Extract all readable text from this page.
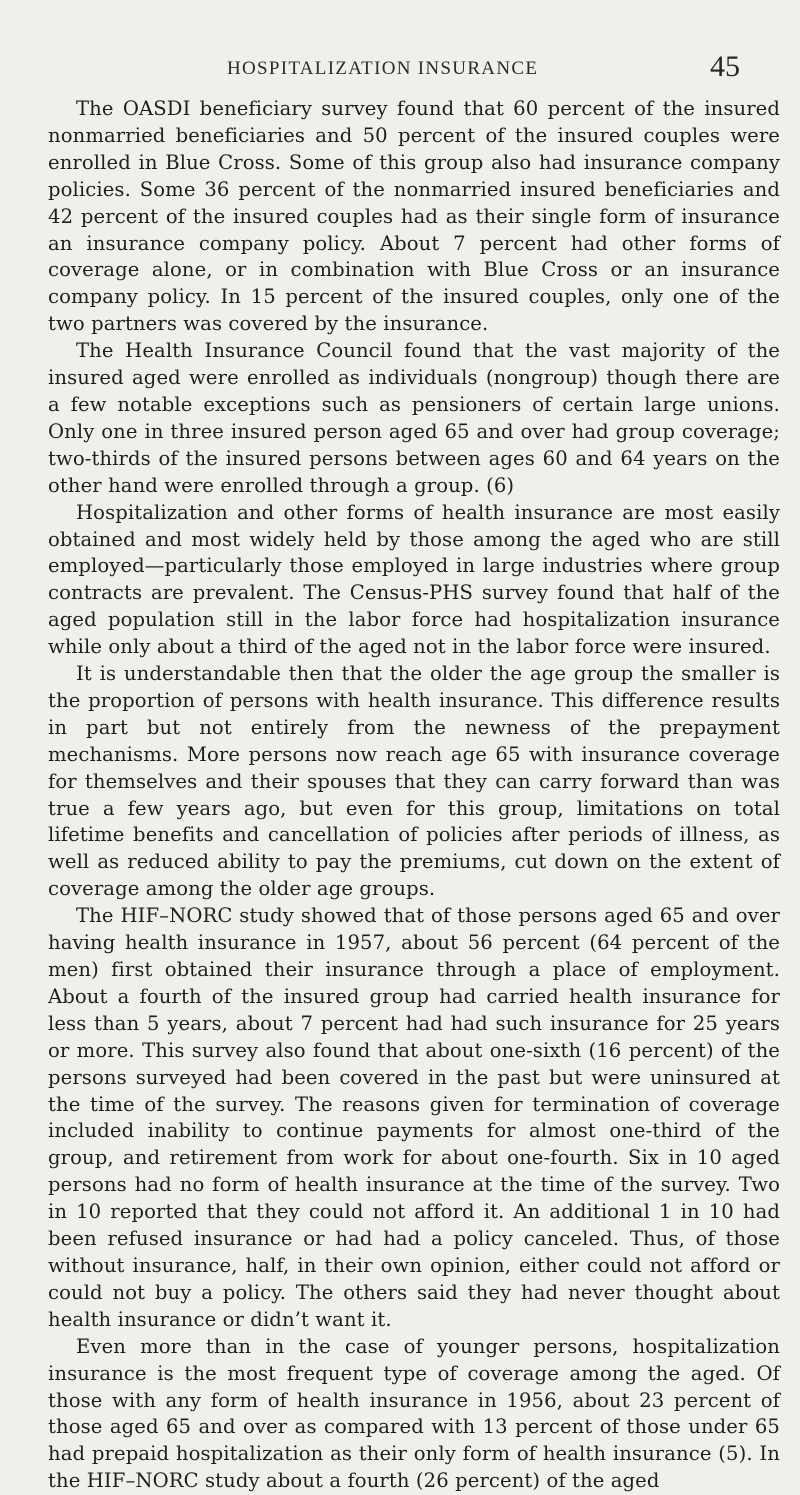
HOSPITALIZATION INSURANCE	45

The OASDI beneficiary survey found that 60 percent of the insured nonmarried beneficiaries and 50 percent of the insured couples were enrolled in Blue Cross. Some of this group also had insurance company policies. Some 36 percent of the nonmarried insured beneficiaries and 42 percent of the insured couples had as their single form of insurance an insurance company policy. About 7 percent had other forms of coverage alone, or in combination with Blue Cross or an insurance company policy. In 15 percent of the insured couples, only one of the two partners was covered by the insurance.

The Health Insurance Council found that the vast majority of the insured aged were enrolled as individuals (nongroup) though there are a few notable exceptions such as pensioners of certain large unions. Only one in three insured person aged 65 and over had group coverage; two-thirds of the insured persons between ages 60 and 64 years on the other hand were enrolled through a group. (6)

Hospitalization and other forms of health insurance are most easily obtained and most widely held by those among the aged who are still employed—particularly those employed in large industries where group contracts are prevalent. The Census-PHS survey found that half of the aged population still in the labor force had hospitalization insurance while only about a third of the aged not in the labor force were insured.

It is understandable then that the older the age group the smaller is the proportion of persons with health insurance. This difference results in part but not entirely from the newness of the prepayment mechanisms. More persons now reach age 65 with insurance coverage for themselves and their spouses that they can carry forward than was true a few years ago, but even for this group, limitations on total lifetime benefits and cancellation of policies after periods of illness, as well as reduced ability to pay the premiums, cut down on the extent of coverage among the older age groups.

The HIF–NORC study showed that of those persons aged 65 and over having health insurance in 1957, about 56 percent (64 percent of the men) first obtained their insurance through a place of employment. About a fourth of the insured group had carried health insurance for less than 5 years, about 7 percent had had such insurance for 25 years or more. This survey also found that about one-sixth (16 percent) of the persons surveyed had been covered in the past but were uninsured at the time of the survey. The reasons given for termination of coverage included inability to continue payments for almost one-third of the group, and retirement from work for about one-fourth. Six in 10 aged persons had no form of health insurance at the time of the survey. Two in 10 reported that they could not afford it. An additional 1 in 10 had been refused insurance or had had a policy canceled. Thus, of those without insurance, half, in their own opinion, either could not afford or could not buy a policy. The others said they had never thought about health insurance or didn’t want it.

Even more than in the case of younger persons, hospitalization insurance is the most frequent type of coverage among the aged. Of those with any form of health insurance in 1956, about 23 percent of those aged 65 and over as compared with 13 percent of those under 65 had prepaid hospitalization as their only form of health insurance (5). In the HIF–NORC study about a fourth (26 percent) of the aged
